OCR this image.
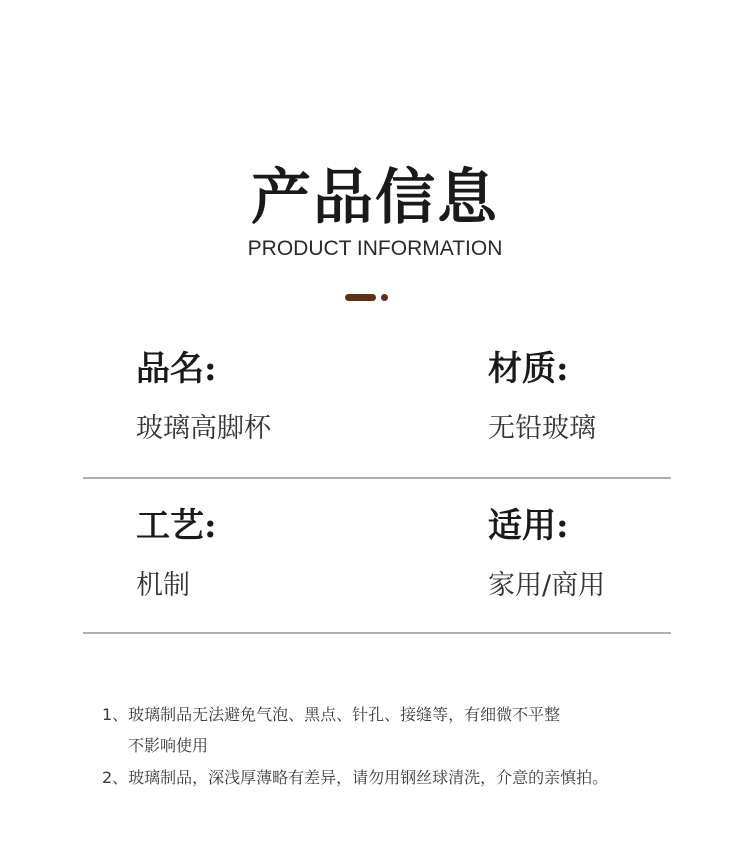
产品信息
PRODUCT INFORMATION
品名:
玻璃高脚杯
材质:
无铅玻璃
工艺:
机制
适用:
家用/商用
1、玻璃制品无法避免气泡、黑点、针孔、接缝等，有细微不平整
不影响使用
2、玻璃制品，深浅厚薄略有差异，请勿用钢丝球清洗，介意的亲慎拍。
